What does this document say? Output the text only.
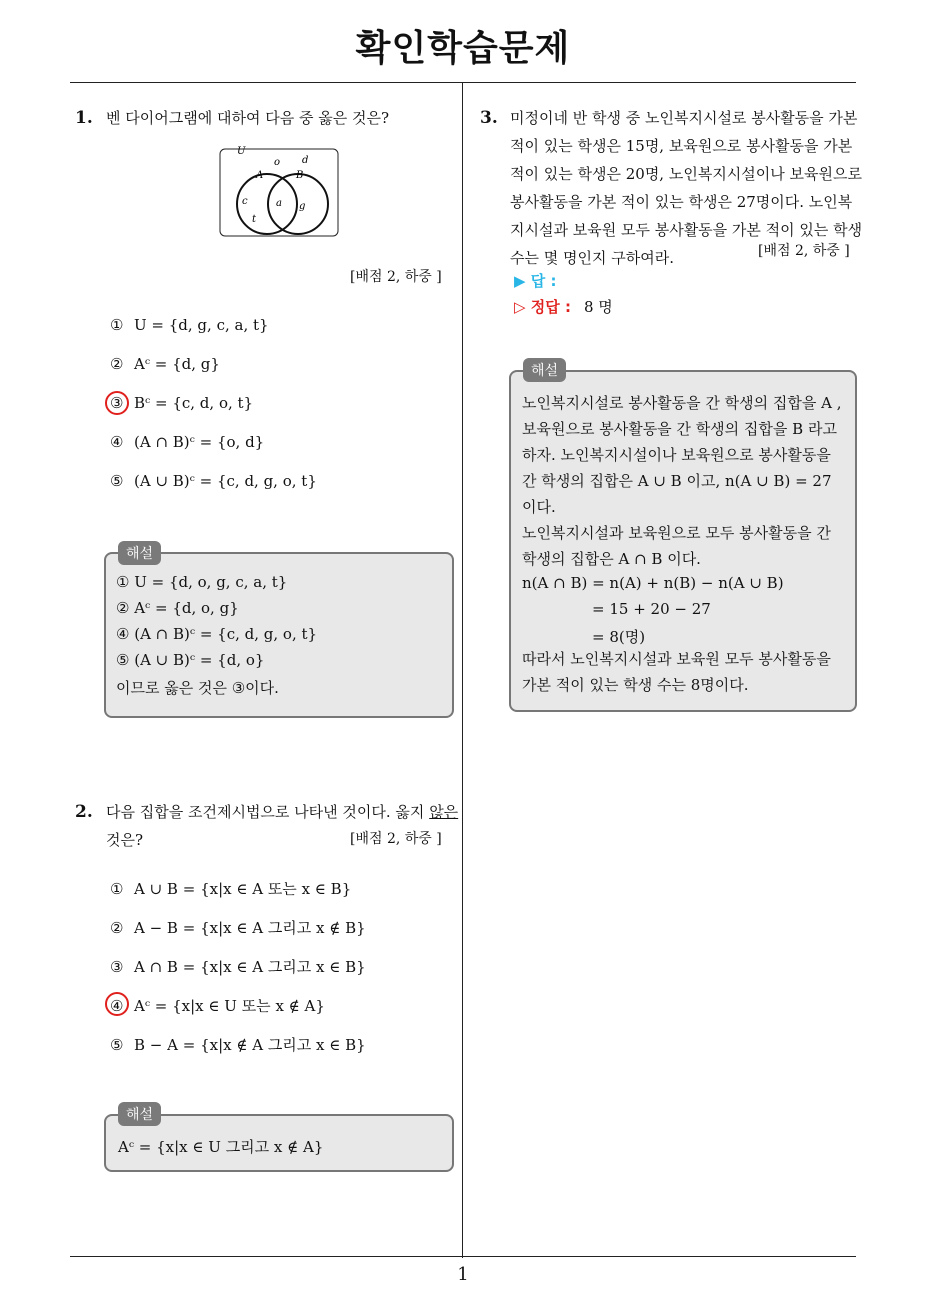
확인학습문제
1
1. 벤 다이어그램에 대하여 다음 중 옳은 것은?
U
o d
A	B
c	a g
t
[배점 2, 하중 ]
① U = {d, g, c, a, t}
② Aᶜ = {d, g}
③ Bᶜ = {c, d, o, t}
④ (A ∩ B)ᶜ = {o, d}
⑤ (A ∪ B)ᶜ = {c, d, g, o, t}
해설
① U = {d, o, g, c, a, t}
② Aᶜ = {d, o, g}
④ (A ∩ B)ᶜ = {c, d, g, o, t}
⑤ (A ∪ B)ᶜ = {d, o}
이므로 옳은 것은 ③이다.
2. 다음 집합을 조건제시법으로 나타낸 것이다. 옳지 않은
것은?	[배점 2, 하중 ]
① A ∪ B = {x|x ∈ A 또는 x ∈ B}
② A − B = {x|x ∈ A 그리고 x ∉ B}
③ A ∩ B = {x|x ∈ A 그리고 x ∈ B}
④ Aᶜ = {x|x ∈ U 또는 x ∉ A}
⑤ B − A = {x|x ∉ A 그리고 x ∈ B}
해설
Aᶜ = {x|x ∈ U 그리고 x ∉ A}
3. 미정이네 반 학생 중 노인복지시설로 봉사활동을 가본
적이 있는 학생은 15명, 보육원으로 봉사활동을 가본
적이 있는 학생은 20명, 노인복지시설이나 보육원으로
봉사활동을 가본 적이 있는 학생은 27명이다. 노인복
지시설과 보육원 모두 봉사활동을 가본 적이 있는 학생
수는 몇 명인지 구하여라.	[배점 2, 하중 ]
▶ 답 :
▷ 정답 : 8 명
해설
노인복지시설로 봉사활동을 간 학생의 집합을 A ,
보육원으로 봉사활동을 간 학생의 집합을 B 라고
하자. 노인복지시설이나 보육원으로 봉사활동을
간 학생의 집합은 A ∪ B 이고, n(A ∪ B) = 27
이다.
노인복지시설과 보육원으로 모두 봉사활동을 간
학생의 집합은 A ∩ B 이다.
n(A ∩ B) = n(A) + n(B) − n(A ∪ B)
= 15 + 20 − 27
= 8(명)
따라서 노인복지시설과 보육원 모두 봉사활동을
가본 적이 있는 학생 수는 8명이다.
